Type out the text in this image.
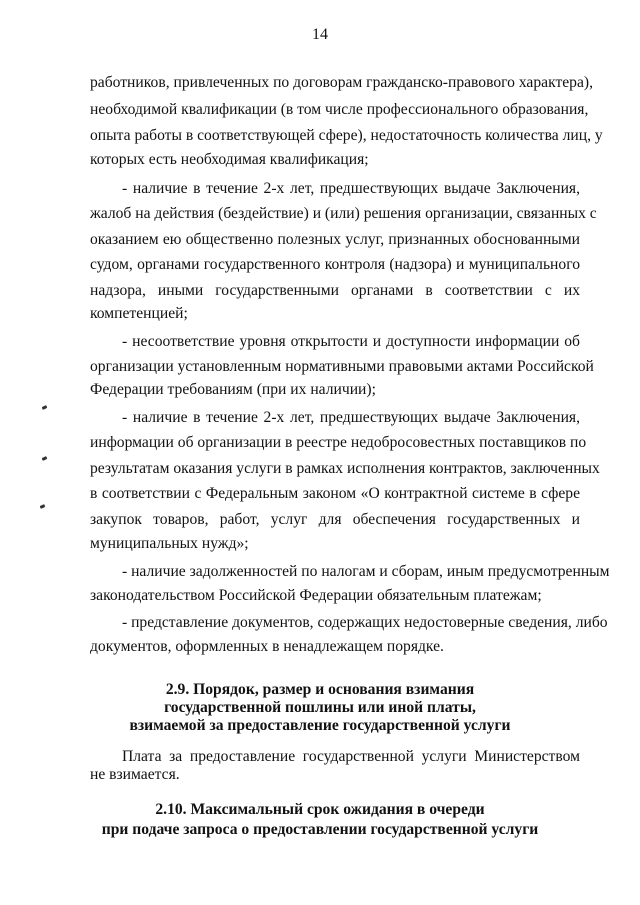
14
работников, привлеченных по договорам гражданско-правового характера),
необходимой квалификации (в том числе профессионального образования,
опыта работы в соответствующей сфере), недостаточность количества лиц, у
которых есть необходимая квалификация;
- наличие в течение 2-х лет, предшествующих выдаче Заключения,
жалоб на действия (бездействие) и (или) решения организации, связанных с
оказанием ею общественно полезных услуг, признанных обоснованными
судом, органами государственного контроля (надзора) и муниципального
надзора, иными государственными органами в соответствии с их
компетенцией;
- несоответствие уровня открытости и доступности информации об
организации установленным нормативными правовыми актами Российской
Федерации требованиям (при их наличии);
- наличие в течение 2-х лет, предшествующих выдаче Заключения,
информации об организации в реестре недобросовестных поставщиков по
результатам оказания услуги в рамках исполнения контрактов, заключенных
в соответствии с Федеральным законом «О контрактной системе в сфере
закупок товаров, работ, услуг для обеспечения государственных и
муниципальных нужд»;
- наличие задолженностей по налогам и сборам, иным предусмотренным
законодательством Российской Федерации обязательным платежам;
- представление документов, содержащих недостоверные сведения, либо
документов, оформленных в ненадлежащем порядке.
2.9. Порядок, размер и основания взимания
государственной пошлины или иной платы,
взимаемой за предоставление государственной услуги
Плата за предоставление государственной услуги Министерством
не взимается.
2.10. Максимальный срок ожидания в очереди
при подаче запроса о предоставлении государственной услуги
